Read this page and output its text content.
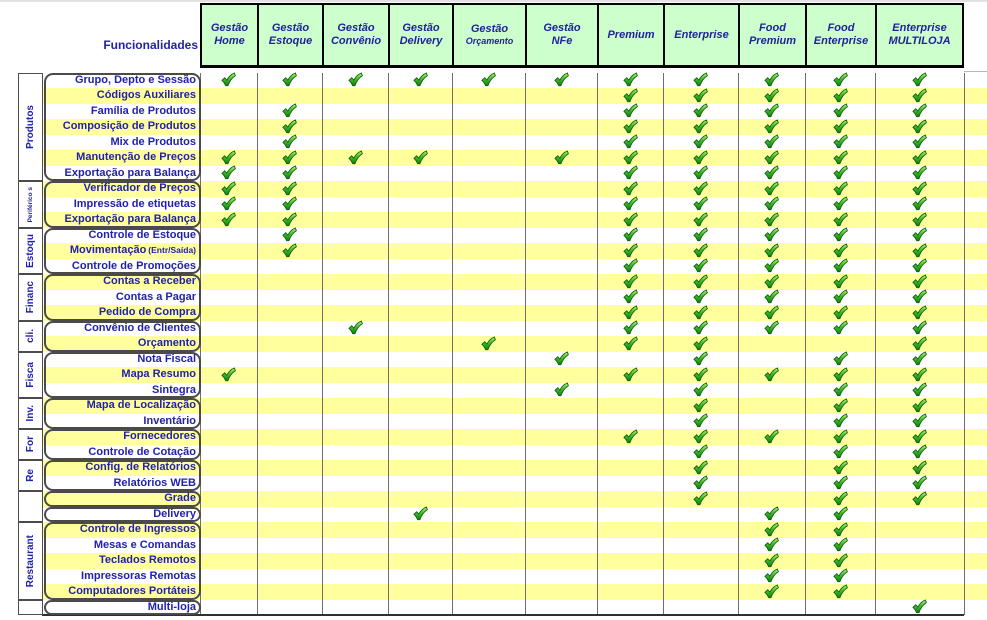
Funcionalidades
Gestão
Home
Gestão
Estoque
Gestão
Convênio
Gestão
Delivery
Gestão
Orçamento
Gestão
NFe
Premium Enterprise
Food
Premium
Food
Enterprise
Enterprise
MULTILOJA
Produtos
Grupo, Depto e Sessão
Códigos Auxiliares
Família de Produtos
Composição de Produtos
Mix de Produtos
Manutenção de Preços
Exportação para Balança
Periférico s	Verificador de Preços
Impressão de etiquetas
Exportação para Balança
Estoqu	Controle de Estoque
Movimentação (Entr/Saída)
Controle de Promoções
Financ
Contas a Receber
Contas a Pagar
Pedido de Compra
cli.
Convênio de Clientes
Orçamento
Fisca
Nota Fiscal
Mapa Resumo
Sintegra
Inv.
Mapa de Localização
Inventário
For
Fornecedores
Controle de Cotação
Re
Config. de Relatórios
Relatórios WEB
Grade
Delivery
Restaurant
Controle de Ingressos
Mesas e Comandas
Teclados Remotos
Impressoras Remotas
Computadores Portáteis
Multi-loja
